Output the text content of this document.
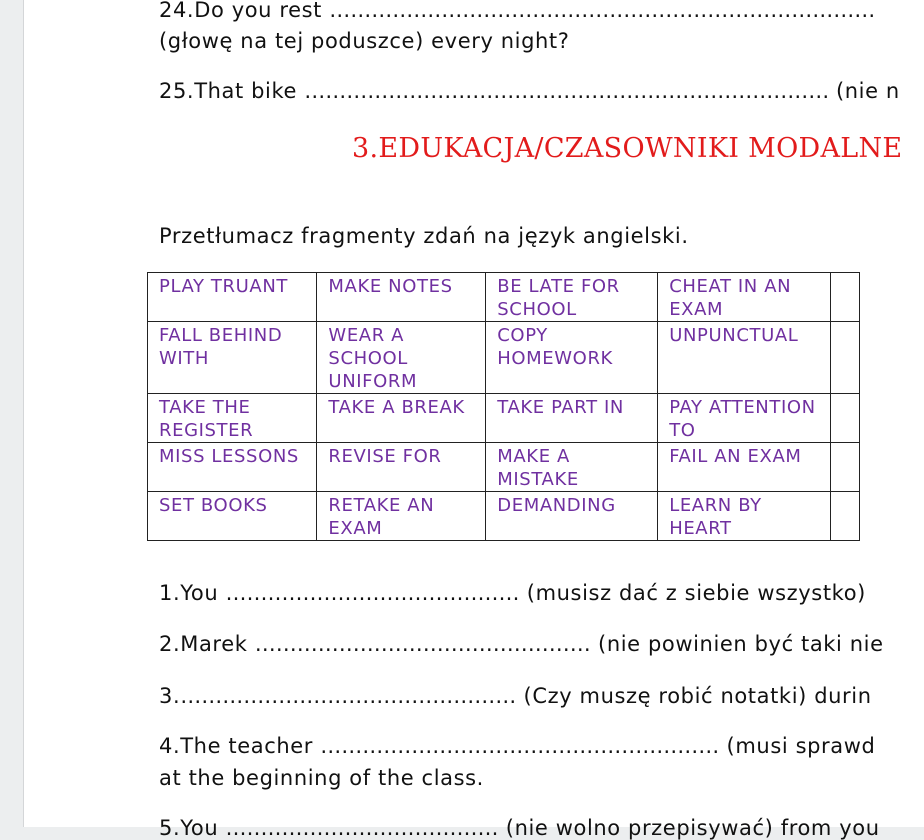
24.Do you rest ……………………………………………………………………
(głowę na tej poduszce) every night?
25.That bike ………………………………………………………………… (nie n
3.EDUKACJA/CZASOWNIKI MODALNE
Przetłumacz fragmenty zdań na język angielski.
PLAY TRUANT	MAKE NOTES	BE LATE FOR SCHOOL	CHEAT IN AN EXAM	
FALL BEHIND WITH	WEAR A SCHOOL UNIFORM	COPY HOMEWORK	UNPUNCTUAL	
TAKE THE REGISTER	TAKE A BREAK	TAKE PART IN	PAY ATTENTION TO	
MISS LESSONS	REVISE FOR	MAKE A MISTAKE	FAIL AN EXAM	
SET BOOKS	RETAKE AN EXAM	DEMANDING	LEARN BY HEART	
1.You …………………………………… (musisz dać z siebie wszystko)
2.Marek ………………………………………… (nie powinien być taki nie
3.………………………………………… (Czy muszę robić notatki) durin
4.The teacher ………………………………………………… (musi sprawd
at the beginning of the class.
5.You ………………………………… (nie wolno przepisywać) from you
